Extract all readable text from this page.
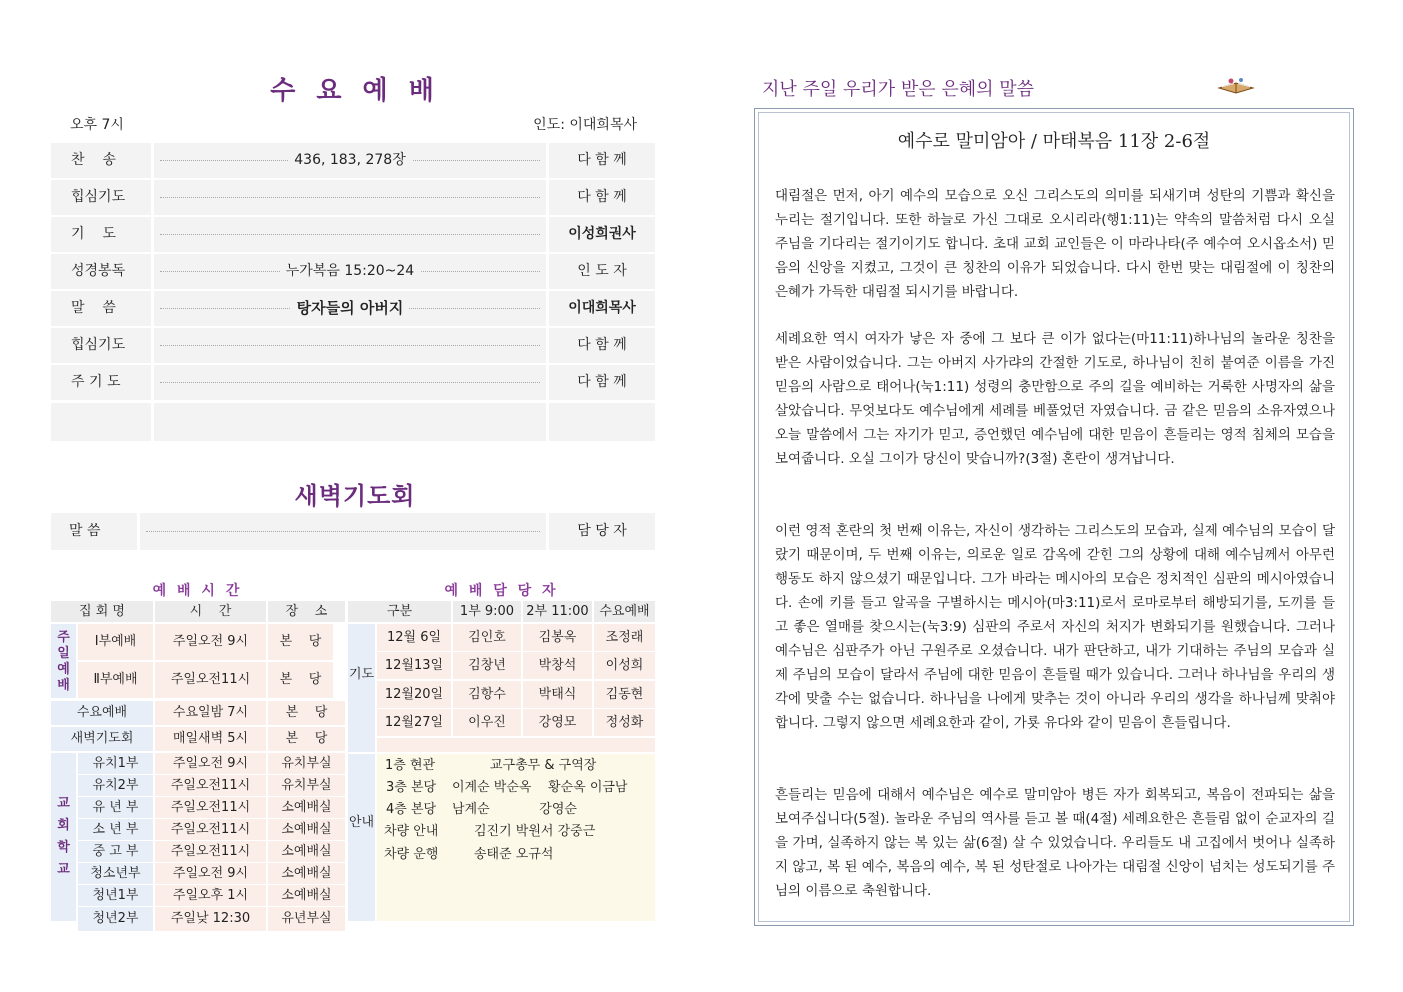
수 요 예 배
오후 7시	인도: 이대희목사
찬    송	436, 183, 278장	다 함 께
힙심기도	다 함 께
기    도	이성희권사
성경봉독	누가복음 15:20~24	인 도 자
말    씀	탕자들의 아버지	이대희목사
힙심기도	다 함 께
주 기 도	다 함 께
새벽기도회
말 씀	담 당 자
예 배 시 간	예 배 담 당 자
집 회 명	시    간	장    소
주일예배
Ⅰ부예배	주일오전 9시	본    당
Ⅱ부예배	주일오전11시	본    당
수요예배	수요일밤 7시	본    당
새벽기도회	매일새벽 5시	본    당
교회학교
유치1부	주일오전 9시	유치부실
유치2부	주일오전11시	유치부실
유 년 부	주일오전11시	소예배실
소 년 부	주일오전11시	소예배실
중 고 부	주일오전11시	소예배실
청소년부	주일오전 9시	소예배실
청년1부	주일오후 1시	소예배실
청년2부	주일낮 12:30	유년부실
구분	1부 9:00 2부 11:00 수요예배
기도
12월 6일	김인호	김봉옥	조정래
12월13일	김창년	박창석	이성희
12월20일	김항수	박태식	김동현
12월27일	이우진	강영모	정성화
안내
1층 현관	교구총무 & 구역장
3층 본당	이계순 박순옥    황순옥 이금남
4층 본당	남계순            강영순
차량 안내	김진기 박원서 강중근
차량 운행	송태준 오규석
지난 주일 우리가 받은 은혜의 말씀
예수로 말미암아 / 마태복음 11장 2-6절
대림절은 먼저, 아기 예수의 모습으로 오신 그리스도의 의미를 되새기며 성탄의 기쁨과 확신을 누리는 절기입니다. 또한 하늘로 가신 그대로 오시리라(행1:11)는 약속의 말씀처럼 다시 오실 주님을 기다리는 절기이기도 합니다. 초대 교회 교인들은 이 마라나타(주 예수여 오시옵소서) 믿음의 신앙을 지켰고, 그것이 큰 칭찬의 이유가 되었습니다. 다시 한번 맞는 대림절에 이 칭찬의 은혜가 가득한 대림절 되시기를 바랍니다.
세례요한 역시 여자가 낳은 자 중에 그 보다 큰 이가 없다는(마11:11)하나님의 놀라운 칭찬을 받은 사람이었습니다. 그는 아버지 사가랴의 간절한 기도로, 하나님이 친히 붙여준 이름을 가진 믿음의 사람으로 태어나(눅1:11) 성령의 충만함으로 주의 길을 예비하는 거룩한 사명자의 삶을 살았습니다. 무엇보다도 예수님에게 세례를 베풀었던 자였습니다. 금 같은 믿음의 소유자였으나 오늘 말씀에서 그는 자기가 믿고, 증언했던 예수님에 대한 믿음이 흔들리는 영적 침체의 모습을 보여줍니다. 오실 그이가 당신이 맞습니까?(3절) 혼란이 생겨납니다.
이런 영적 혼란의 첫 번째 이유는, 자신이 생각하는 그리스도의 모습과, 실제 예수님의 모습이 달랐기 때문이며, 두 번째 이유는, 의로운 일로 감옥에 갇힌 그의 상황에 대해 예수님께서 아무런 행동도 하지 않으셨기 때문입니다. 그가 바라는 메시아의 모습은 정치적인 심판의 메시아였습니다. 손에 키를 들고 알곡을 구별하시는 메시아(마3:11)로서 로마로부터 해방되기를, 도끼를 들고 좋은 열매를 찾으시는(눅3:9) 심판의 주로서 자신의 처지가 변화되기를 원했습니다. 그러나 예수님은 심판주가 아닌 구원주로 오셨습니다. 내가 판단하고, 내가 기대하는 주님의 모습과 실제 주님의 모습이 달라서 주님에 대한 믿음이 흔들릴 때가 있습니다. 그러나 하나님을 우리의 생각에 맞출 수는 없습니다. 하나님을 나에게 맞추는 것이 아니라 우리의 생각을 하나님께 맞춰야 합니다. 그렇지 않으면 세례요한과 같이, 가룟 유다와 같이 믿음이 흔들립니다.
흔들리는 믿음에 대해서 예수님은 예수로 말미암아 병든 자가 회복되고, 복음이 전파되는 삶을 보여주십니다(5절). 놀라운 주님의 역사를 듣고 볼 때(4절) 세례요한은 흔들림 없이 순교자의 길을 가며, 실족하지 않는 복 있는 삶(6절) 살 수 있었습니다. 우리들도 내 고집에서 벗어나 실족하지 않고, 복 된 예수, 복음의 예수, 복 된 성탄절로 나아가는 대림절 신앙이 넘치는 성도되기를 주님의 이름으로 축원합니다.
